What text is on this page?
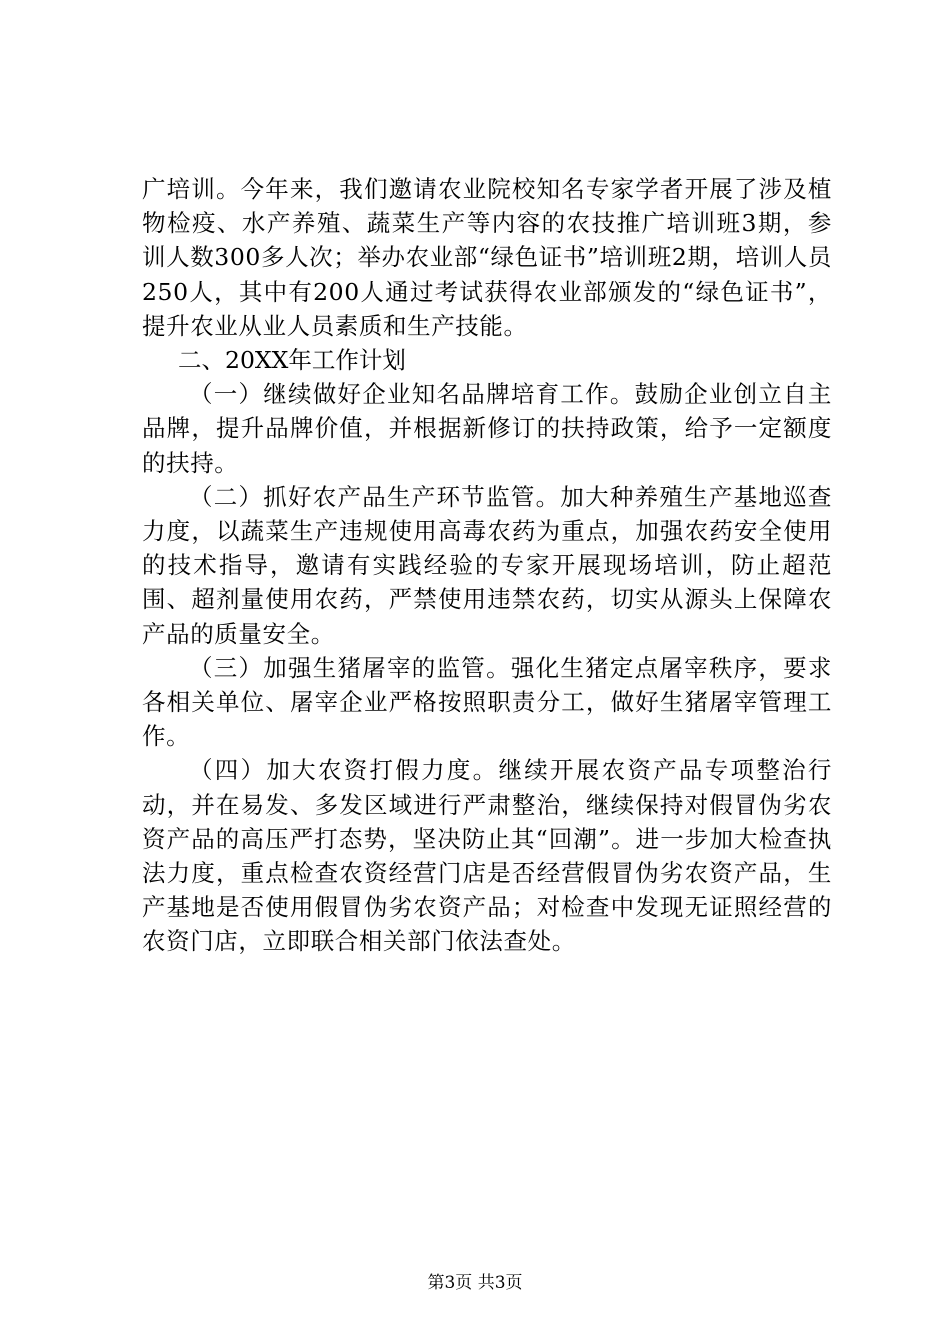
广培训。今年来，我们邀请农业院校知名专家学者开展了涉及植物检疫、水产养殖、蔬菜生产等内容的农技推广培训班3期，参训人数300多人次；举办农业部“绿色证书”培训班2期，培训人员250人，其中有200人通过考试获得农业部颁发的“绿色证书”，提升农业从业人员素质和生产技能。

二、20XX年工作计划

（一）继续做好企业知名品牌培育工作。鼓励企业创立自主品牌，提升品牌价值，并根据新修订的扶持政策，给予一定额度的扶持。

（二）抓好农产品生产环节监管。加大种养殖生产基地巡查力度，以蔬菜生产违规使用高毒农药为重点，加强农药安全使用的技术指导，邀请有实践经验的专家开展现场培训，防止超范围、超剂量使用农药，严禁使用违禁农药，切实从源头上保障农产品的质量安全。

（三）加强生猪屠宰的监管。强化生猪定点屠宰秩序，要求各相关单位、屠宰企业严格按照职责分工，做好生猪屠宰管理工作。

（四）加大农资打假力度。继续开展农资产品专项整治行动，并在易发、多发区域进行严肃整治，继续保持对假冒伪劣农资产品的高压严打态势，坚决防止其“回潮”。进一步加大检查执法力度，重点检查农资经营门店是否经营假冒伪劣农资产品，生产基地是否使用假冒伪劣农资产品；对检查中发现无证照经营的农资门店，立即联合相关部门依法查处。

第3页 共3页
